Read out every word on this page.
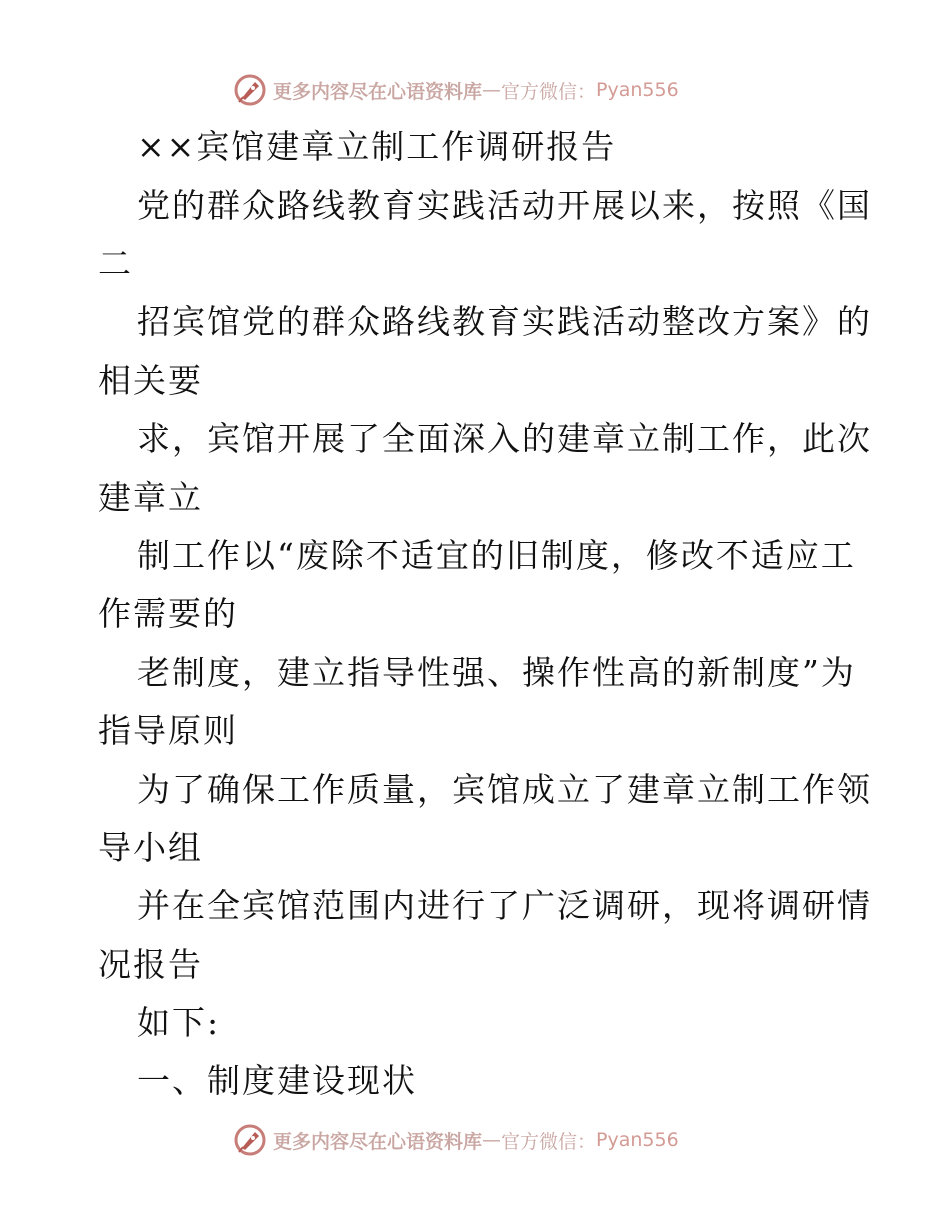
更多内容尽在心语资料库 — 官方微信： Pyan556
××宾馆建章立制工作调研报告
党的群众路线教育实践活动开展以来，按照《国
二
招宾馆党的群众路线教育实践活动整改方案》的
相关要
求，宾馆开展了全面深入的建章立制工作，此次
建章立
制工作以“废除不适宜的旧制度，修改不适应工
作需要的
老制度，建立指导性强、操作性高的新制度”为
指导原则
为了确保工作质量，宾馆成立了建章立制工作领
导小组
并在全宾馆范围内进行了广泛调研，现将调研情
况报告
如下:
一、制度建设现状
更多内容尽在心语资料库 — 官方微信： Pyan556
